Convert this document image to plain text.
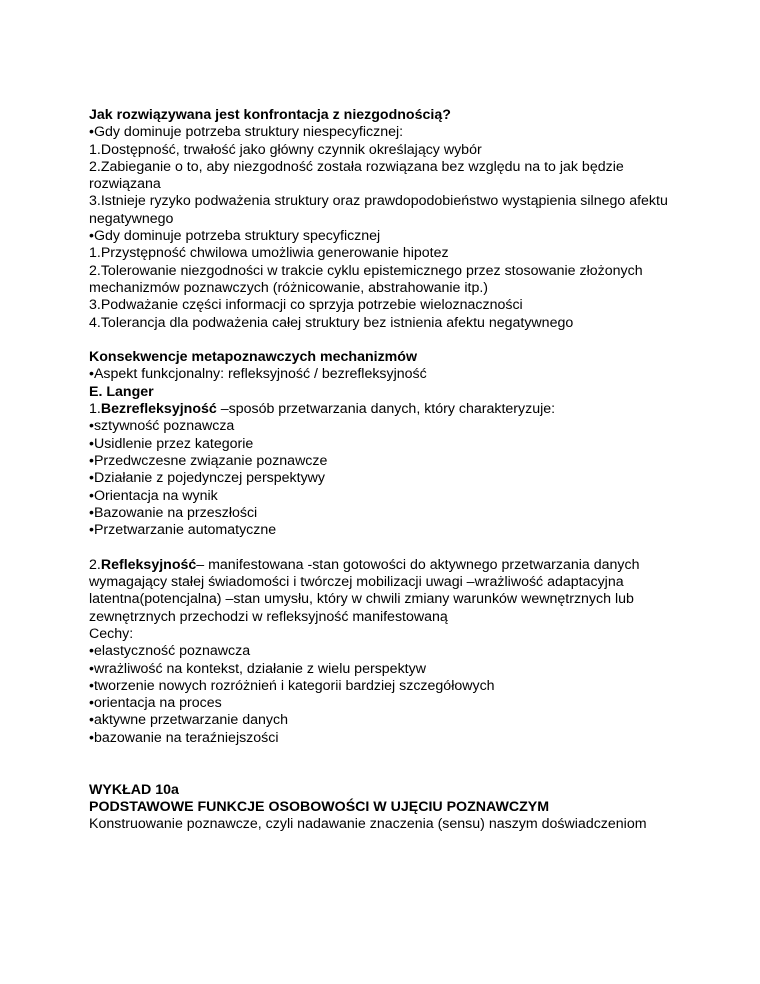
Jak rozwiązywana jest konfrontacja z niezgodnością?
•Gdy dominuje potrzeba struktury niespecyficznej:
1.Dostępność, trwałość jako główny czynnik określający wybór
2.Zabieganie o to, aby niezgodność została rozwiązana bez względu na to jak będzie rozwiązana
3.Istnieje ryzyko podważenia struktury oraz prawdopodobieństwo wystąpienia silnego afektu negatywnego
•Gdy dominuje potrzeba struktury specyficznej
1.Przystępność chwilowa umożliwia generowanie hipotez
2.Tolerowanie niezgodności w trakcie cyklu epistemicznego przez stosowanie złożonych mechanizmów poznawczych (różnicowanie, abstrahowanie itp.)
3.Podważanie części informacji co sprzyja potrzebie wieloznaczności
4.Tolerancja dla podważenia całej struktury bez istnienia afektu negatywnego
Konsekwencje metapoznawczych mechanizmów
•Aspekt funkcjonalny: refleksyjność / bezrefleksyjność
E. Langer
1.Bezrefleksyjność –sposób przetwarzania danych, który charakteryzuje:
•sztywność poznawcza
•Usidlenie przez kategorie
•Przedwczesne związanie poznawcze
•Działanie z pojedynczej perspektywy
•Orientacja na wynik
•Bazowanie na przeszłości
•Przetwarzanie automatyczne
2.Refleksyjność– manifestowana -stan gotowości do aktywnego przetwarzania danych wymagający stałej świadomości i twórczej mobilizacji uwagi –wrażliwość adaptacyjna latentna(potencjalna) –stan umysłu, który w chwili zmiany warunków wewnętrznych lub zewnętrznych przechodzi w refleksyjność manifestowaną
Cechy:
•elastyczność poznawcza
•wrażliwość na kontekst, działanie z wielu perspektyw
•tworzenie nowych rozróżnień i kategorii bardziej szczegółowych
•orientacja na proces
•aktywne przetwarzanie danych
•bazowanie na teraźniejszości
WYKŁAD 10a
PODSTAWOWE FUNKCJE OSOBOWOŚCI W UJĘCIU POZNAWCZYM
Konstruowanie poznawcze, czyli nadawanie znaczenia (sensu) naszym doświadczeniom
